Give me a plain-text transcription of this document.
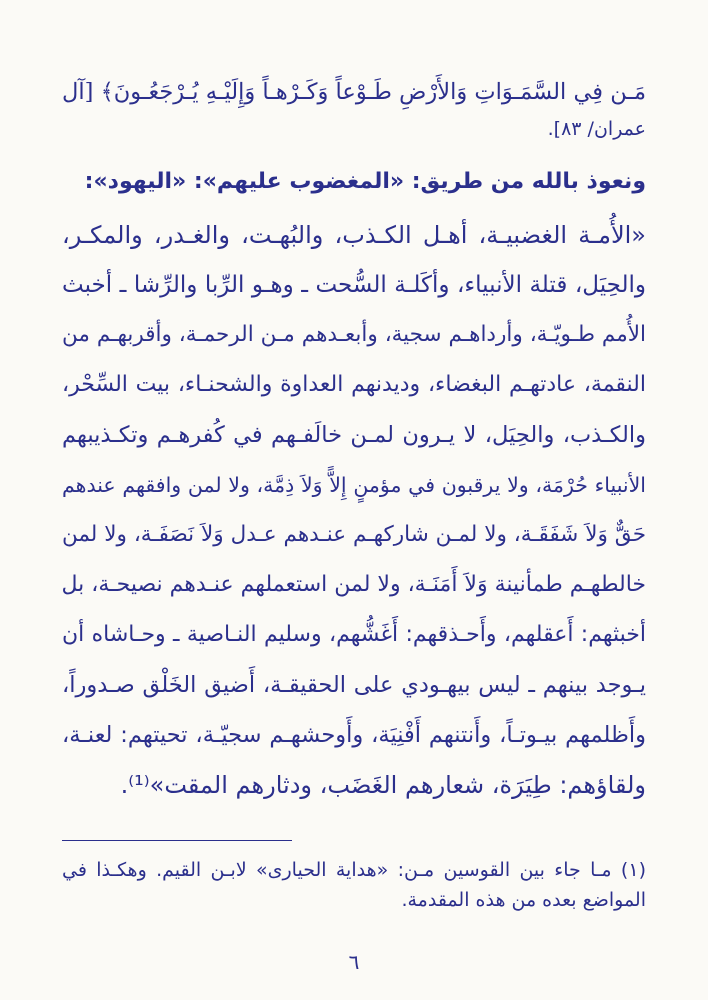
مَـن فِي السَّمَـوَاتِ وَالأَرْضِ طَـوْعاً وَكَـرْهـاً وَإِلَيْـهِ يُـرْجَعُـونَ﴾ [آل
عمران/ ٨٣].
ونعوذ بالله من طريق: «المغضوب عليهم»: «اليهود»:
«الأُمـة الغضبيـة، أهـل الكـذب، والبُهـت، والغـدر، والمكـر،
والحِيَل، قتلة الأنبياء، وأكَلـة السُّحت ـ وهـو الرِّبا والرِّشا ـ أخبث
الأُمم طـويّـة، وأرداهـم سجية، وأبعـدهم مـن الرحمـة، وأقربهـم من
النقمة، عادتهـم البغضاء، وديدنهم العداوة والشحنـاء، بيت السِّحْر،
والكـذب، والحِيَل، لا يـرون لمـن خالَفـهم في كُفرهـم وتكـذيبهم
الأنبياء حُرْمَة، ولا يرقبون في مؤمنٍ إِلاًّ وَلاَ ذِمَّة، ولا لمن وافقهم عندهم
حَقٌّ وَلاَ شَفَقَـة، ولا لمـن شاركهـم عنـدهم عـدل وَلاَ نَصَفَـة، ولا لمن
خالطهـم طمأنينة وَلاَ أَمَنَـة، ولا لمن استعملهم عنـدهم نصيحـة، بل
أخبثهم: أَعقلهم، وأَحـذقهم: أَغَشُّهم، وسليم النـاصية ـ وحـاشاه أن
يـوجد بينهم ـ ليس بيهـودي على الحقيقـة، أَضيق الخَلْق صـدوراً،
وأَظلمهم بيـوتـاً، وأَنتنهم أَفْنِيَة، وأَوحشهـم سجيّـة، تحيتهم: لعنـة،
ولقاؤهم: طِيَرَة، شعارهم الغَضَب، ودثارهم المقت»⁽¹⁾.
(١) مـا جاء بين القوسين مـن: «هداية الحيارى» لابـن القيم. وهكـذا في
المواضع بعده من هذه المقدمة.
٦
